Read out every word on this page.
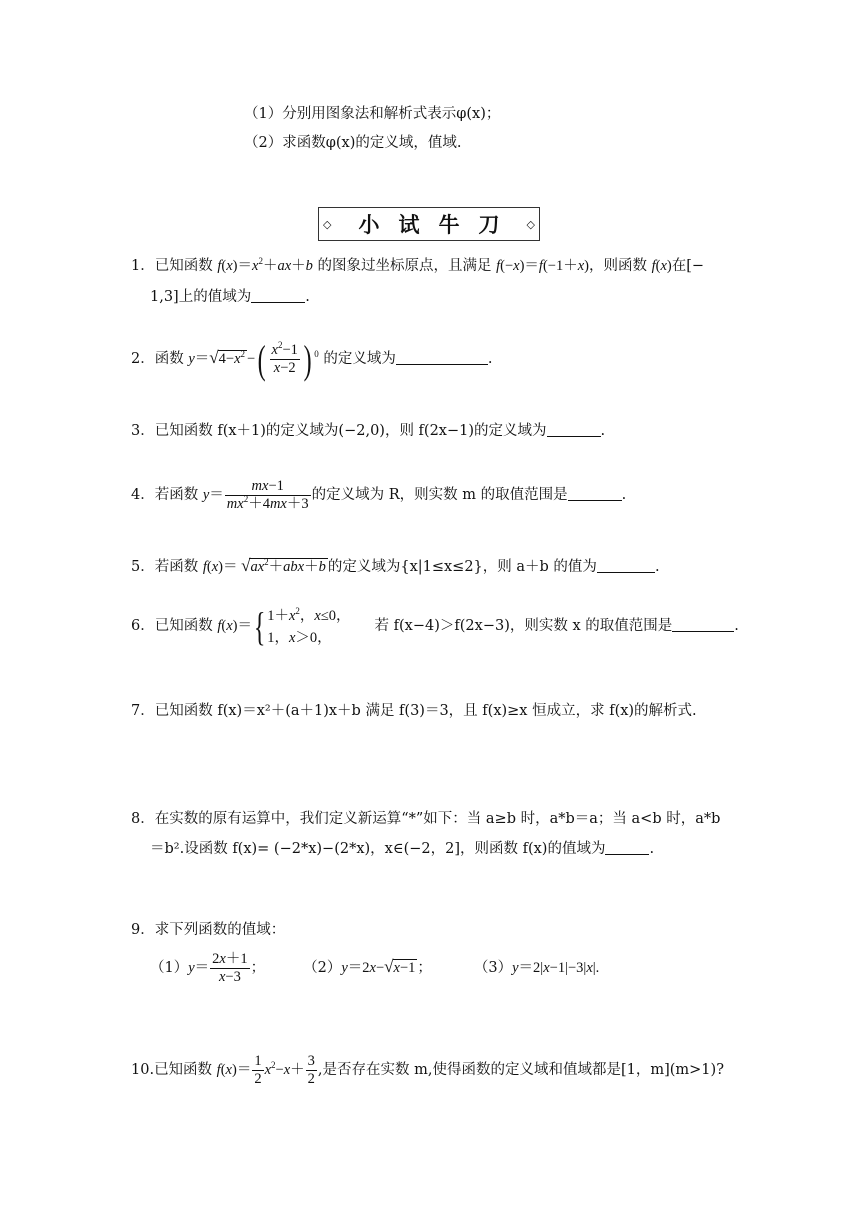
（1）分别用图象法和解析式表示φ(x)；
（2）求函数φ(x)的定义域，值域.
◇ 小试牛刀 ◇
1．已知函数 $f(x)=x^2+ax+b$ 的图象过坐标原点，且满足 f(−x)＝f(−1＋x)，则函数 f(x)在[−
1,3]上的值域为	.
2．函数 $y=√4-x^2$ −( $\frac{x^2-1}{x-2}$ ) $^0$ 的定义域为	.
3．已知函数 f(x＋1)的定义域为(−2,0)，则 f(2x−1)的定义域为	.
4．若函数 $y= \frac{mx-1}{mx^2+4mx+3}$ 的定义域为 R，则实数 m 的取值范围是	.
5．若函数 $f(x)= √ax^2+abx+b$ 的定义域为{x|1≤x≤2}，则 a＋b 的值为	.
6．已知函数 f(x)＝{ $1+x^2$，x≤0，
1，x＞0，
若 f(x−4)＞f(2x−3)，则实数 x 的取值范围是	.
7．已知函数 f(x)＝x²＋(a＋1)x＋b 满足 f(3)＝3，且 f(x)≥x 恒成立，求 f(x)的解析式.
8．在实数的原有运算中，我们定义新运算“*”如下：当 a≥b 时，a*b＝a；当 a<b 时，a*b
＝b².设函数 f(x)= (−2*x)−(2*x)，x∈(−2，2]，则函数 f(x)的值域为	.
9．求下列函数的值域：
$(1)y= \frac{2x+1}{x-3}$ ；	（2）y＝2x−√x−1 ；	（3）y＝2|x−1|−3|x|.
10.已知函数 $f(x)= \frac{1}{2} x^2-x+ \frac{3}{2}$ ,是否存在实数 m,使得函数的定义域和值域都是[1，m](m>1)?
